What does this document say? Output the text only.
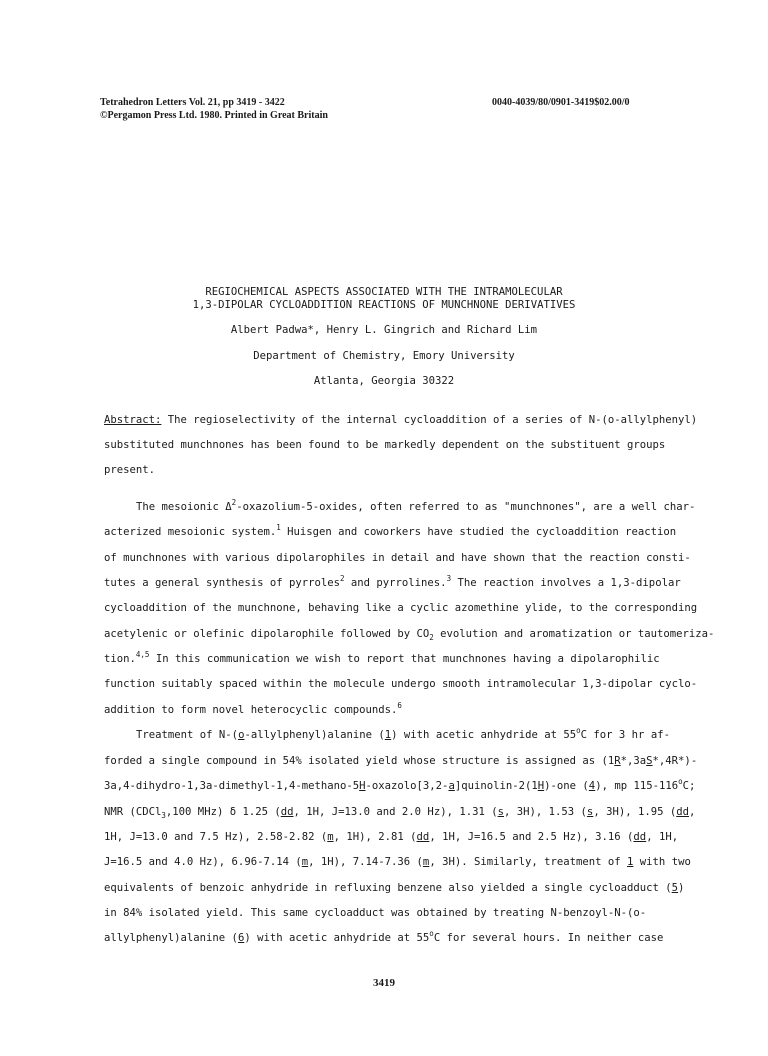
Tetrahedron Letters Vol. 21, pp 3419 - 3422	0040-4039/80/0901-3419$02.00/0
©Pergamon Press Ltd. 1980. Printed in Great Britain
REGIOCHEMICAL ASPECTS ASSOCIATED WITH THE INTRAMOLECULAR
1,3-DIPOLAR CYCLOADDITION REACTIONS OF MUNCHNONE DERIVATIVES
Albert Padwa*, Henry L. Gingrich and Richard Lim
Department of Chemistry, Emory University
Atlanta, Georgia 30322
Abstract: The regioselectivity of the internal cycloaddition of a series of N-(o-allylphenyl)
substituted munchnones has been found to be markedly dependent on the substituent groups
present.
The mesoionic $\Delta^2-oxazolium-5$-oxides, often referred to as "munchnones", are a well char-
acterized mesoionic system.$^1$ Huisgen and coworkers have studied the cycloaddition reaction
of munchnones with various dipolarophiles in detail and have shown that the reaction consti-
tutes a general synthesis of pyrroles$^2$ and pyrrolines.$^3$ The reaction involves a 1,3-dipolar
cycloaddition of the munchnone, behaving like a cyclic azomethine ylide, to the corresponding
acetylenic or olefinic dipolarophile followed by $CO_2$ evolution and aromatization or tautomeriza-
tion.$^{4,5}$ In this communication we wish to report that munchnones having a dipolarophilic
function suitably spaced within the molecule undergo smooth intramolecular 1,3-dipolar cyclo-
addition to form novel heterocyclic compounds.$^6$
Treatment of N-(o-allylphenyl)alanine (1) with acetic anhydride at 55$^o$C for 3 hr af-
forded a single compound in 54% isolated yield whose structure is assigned as (1R*,3aS*,4R*)-
3a,4-dihydro-1,3a-dimethyl-1,4-methano-5H-oxazolo[3,2-a]quinolin-2(1H)-one (4), mp 115-116$^o$C;
NMR (CDCl$_3$,100 MHz) δ 1.25 (dd, 1H, J=13.0 and 2.0 Hz), 1.31 (s, 3H), 1.53 (s, 3H), 1.95 (dd,
1H, J=13.0 and 7.5 Hz), 2.58-2.82 (m, 1H), 2.81 (dd, 1H, J=16.5 and 2.5 Hz), 3.16 (dd, 1H,
J=16.5 and 4.0 Hz), 6.96-7.14 (m, 1H), 7.14-7.36 (m, 3H). Similarly, treatment of 1 with two
equivalents of benzoic anhydride in refluxing benzene also yielded a single cycloadduct (5)
in 84% isolated yield. This same cycloadduct was obtained by treating N-benzoyl-N-(o-
allylphenyl)alanine (6) with acetic anhydride at 55$^o$C for several hours. In neither case
3419
